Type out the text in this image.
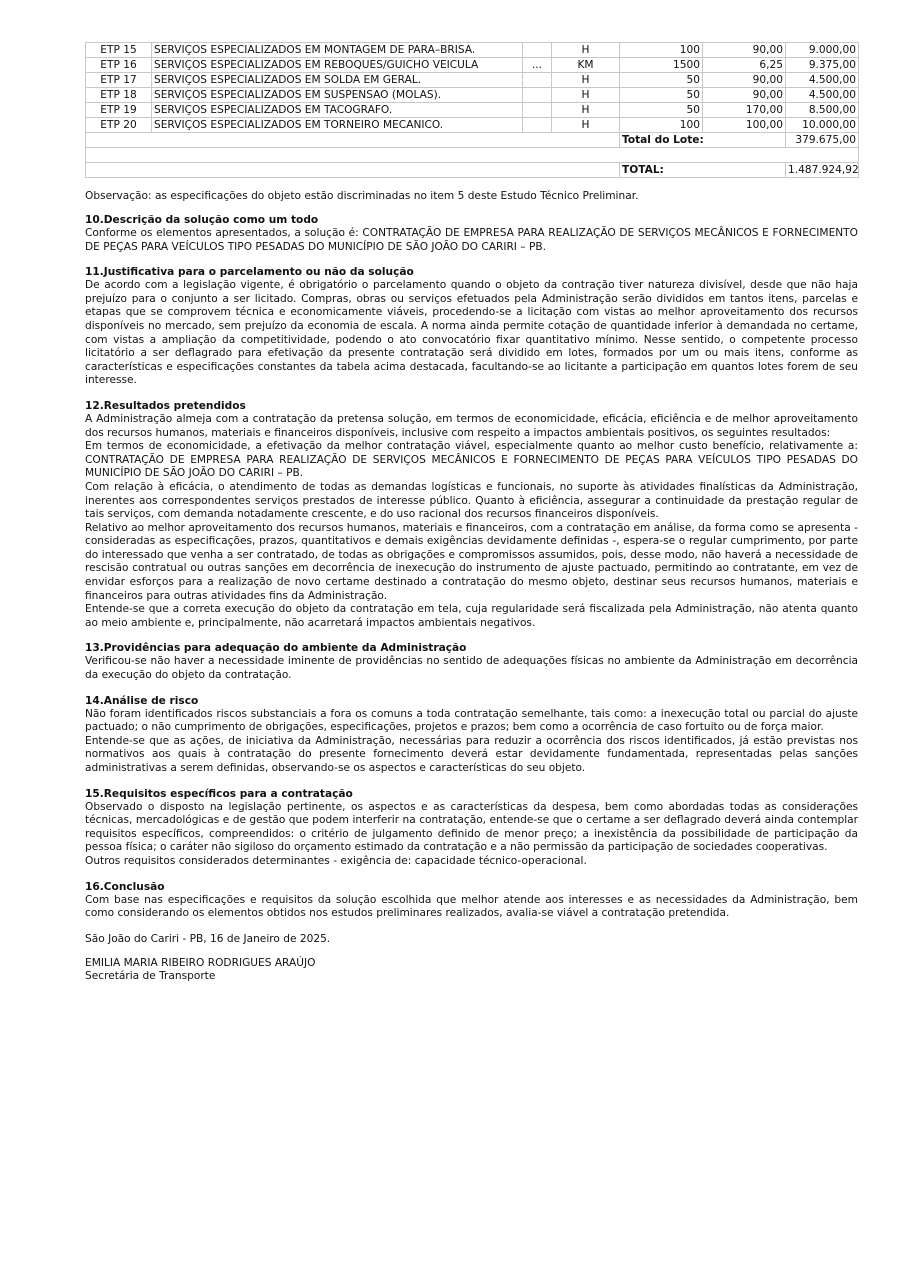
ETP 15	SERVIÇOS ESPECIALIZADOS EM MONTAGEM DE PARA–BRISA.		H	100	90,00	9.000,00
ETP 16	SERVIÇOS ESPECIALIZADOS EM REBOQUES/GUICHO VEICULA	...	KM	1500	6,25	9.375,00
ETP 17	SERVIÇOS ESPECIALIZADOS EM SOLDA EM GERAL.		H	50	90,00	4.500,00
ETP 18	SERVIÇOS ESPECIALIZADOS EM SUSPENSAO (MOLAS).		H	50	90,00	4.500,00
ETP 19	SERVIÇOS ESPECIALIZADOS EM TACOGRAFO.		H	50	170,00	8.500,00
ETP 20	SERVIÇOS ESPECIALIZADOS EM TORNEIRO MECANICO.		H	100	100,00	10.000,00
				Total do Lote:		379.675,00

				TOTAL:		1.487.924,92

Observação: as especificações do objeto estão discriminadas no item 5 deste Estudo Técnico Preliminar.

10.Descrição da solução como um todo

Conforme os elementos apresentados, a solução é: CONTRATAÇÃO DE EMPRESA PARA REALIZAÇÃO DE SERVIÇOS MECÂNICOS E FORNECIMENTO DE PEÇAS PARA VEÍCULOS TIPO PESADAS DO MUNICÍPIO DE SÃO JOÃO DO CARIRI – PB.

11.Justificativa para o parcelamento ou não da solução

De acordo com a legislação vigente, é obrigatório o parcelamento quando o objeto da contração tiver natureza divisível, desde que não haja prejuízo para o conjunto a ser licitado. Compras, obras ou serviços efetuados pela Administração serão divididos em tantos itens, parcelas e etapas que se comprovem técnica e economicamente viáveis, procedendo-se a licitação com vistas ao melhor aproveitamento dos recursos disponíveis no mercado, sem prejuízo da economia de escala. A norma ainda permite cotação de quantidade inferior à demandada no certame, com vistas a ampliação da competitividade, podendo o ato convocatório fixar quantitativo mínimo. Nesse sentido, o competente processo licitatório a ser deflagrado para efetivação da presente contratação será dividido em lotes, formados por um ou mais itens, conforme as características e especificações constantes da tabela acima destacada, facultando-se ao licitante a participação em quantos lotes forem de seu interesse.

12.Resultados pretendidos

A Administração almeja com a contratação da pretensa solução, em termos de economicidade, eficácia, eficiência e de melhor aproveitamento dos recursos humanos, materiais e financeiros disponíveis, inclusive com respeito a impactos ambientais positivos, os seguintes resultados:

Em termos de economicidade, a efetivação da melhor contratação viável, especialmente quanto ao melhor custo benefício, relativamente a: CONTRATAÇÃO DE EMPRESA PARA REALIZAÇÃO DE SERVIÇOS MECÂNICOS E FORNECIMENTO DE PEÇAS PARA VEÍCULOS TIPO PESADAS DO MUNICÍPIO DE SÃO JOÃO DO CARIRI – PB.

Com relação à eficácia, o atendimento de todas as demandas logísticas e funcionais, no suporte às atividades finalísticas da Administração, inerentes aos correspondentes serviços prestados de interesse público. Quanto à eficiência, assegurar a continuidade da prestação regular de tais serviços, com demanda notadamente crescente, e do uso racional dos recursos financeiros disponíveis.

Relativo ao melhor aproveitamento dos recursos humanos, materiais e financeiros, com a contratação em análise, da forma como se apresenta - consideradas as especificações, prazos, quantitativos e demais exigências devidamente definidas -, espera-se o regular cumprimento, por parte do interessado que venha a ser contratado, de todas as obrigações e compromissos assumidos, pois, desse modo, não haverá a necessidade de rescisão contratual ou outras sanções em decorrência de inexecução do instrumento de ajuste pactuado, permitindo ao contratante, em vez de envidar esforços para a realização de novo certame destinado a contratação do mesmo objeto, destinar seus recursos humanos, materiais e financeiros para outras atividades fins da Administração.

Entende-se que a correta execução do objeto da contratação em tela, cuja regularidade será fiscalizada pela Administração, não atenta quanto ao meio ambiente e, principalmente, não acarretará impactos ambientais negativos.

13.Providências para adequação do ambiente da Administração

Verificou-se não haver a necessidade iminente de providências no sentido de adequações físicas no ambiente da Administração em decorrência da execução do objeto da contratação.

14.Análise de risco

Não foram identificados riscos substanciais a fora os comuns a toda contratação semelhante, tais como: a inexecução total ou parcial do ajuste pactuado; o não cumprimento de obrigações, especificações, projetos e prazos; bem como a ocorrência de caso fortuito ou de força maior.

Entende-se que as ações, de iniciativa da Administração, necessárias para reduzir a ocorrência dos riscos identificados, já estão previstas nos normativos aos quais à contratação do presente fornecimento deverá estar devidamente fundamentada, representadas pelas sanções administrativas a serem definidas, observando-se os aspectos e características do seu objeto.

15.Requisitos específicos para a contratação

Observado o disposto na legislação pertinente, os aspectos e as características da despesa, bem como abordadas todas as considerações técnicas, mercadológicas e de gestão que podem interferir na contratação, entende-se que o certame a ser deflagrado deverá ainda contemplar requisitos específicos, compreendidos: o critério de julgamento definido de menor preço; a inexistência da possibilidade de participação da pessoa física; o caráter não sigiloso do orçamento estimado da contratação e a não permissão da participação de sociedades cooperativas.

Outros requisitos considerados determinantes - exigência de: capacidade técnico-operacional.

16.Conclusão

Com base nas especificações e requisitos da solução escolhida que melhor atende aos interesses e as necessidades da Administração, bem como considerando os elementos obtidos nos estudos preliminares realizados, avalia-se viável a contratação pretendida.

São João do Cariri - PB, 16 de Janeiro de 2025.

EMILIA MARIA RIBEIRO RODRIGUES ARAÚJO

Secretária de Transporte
